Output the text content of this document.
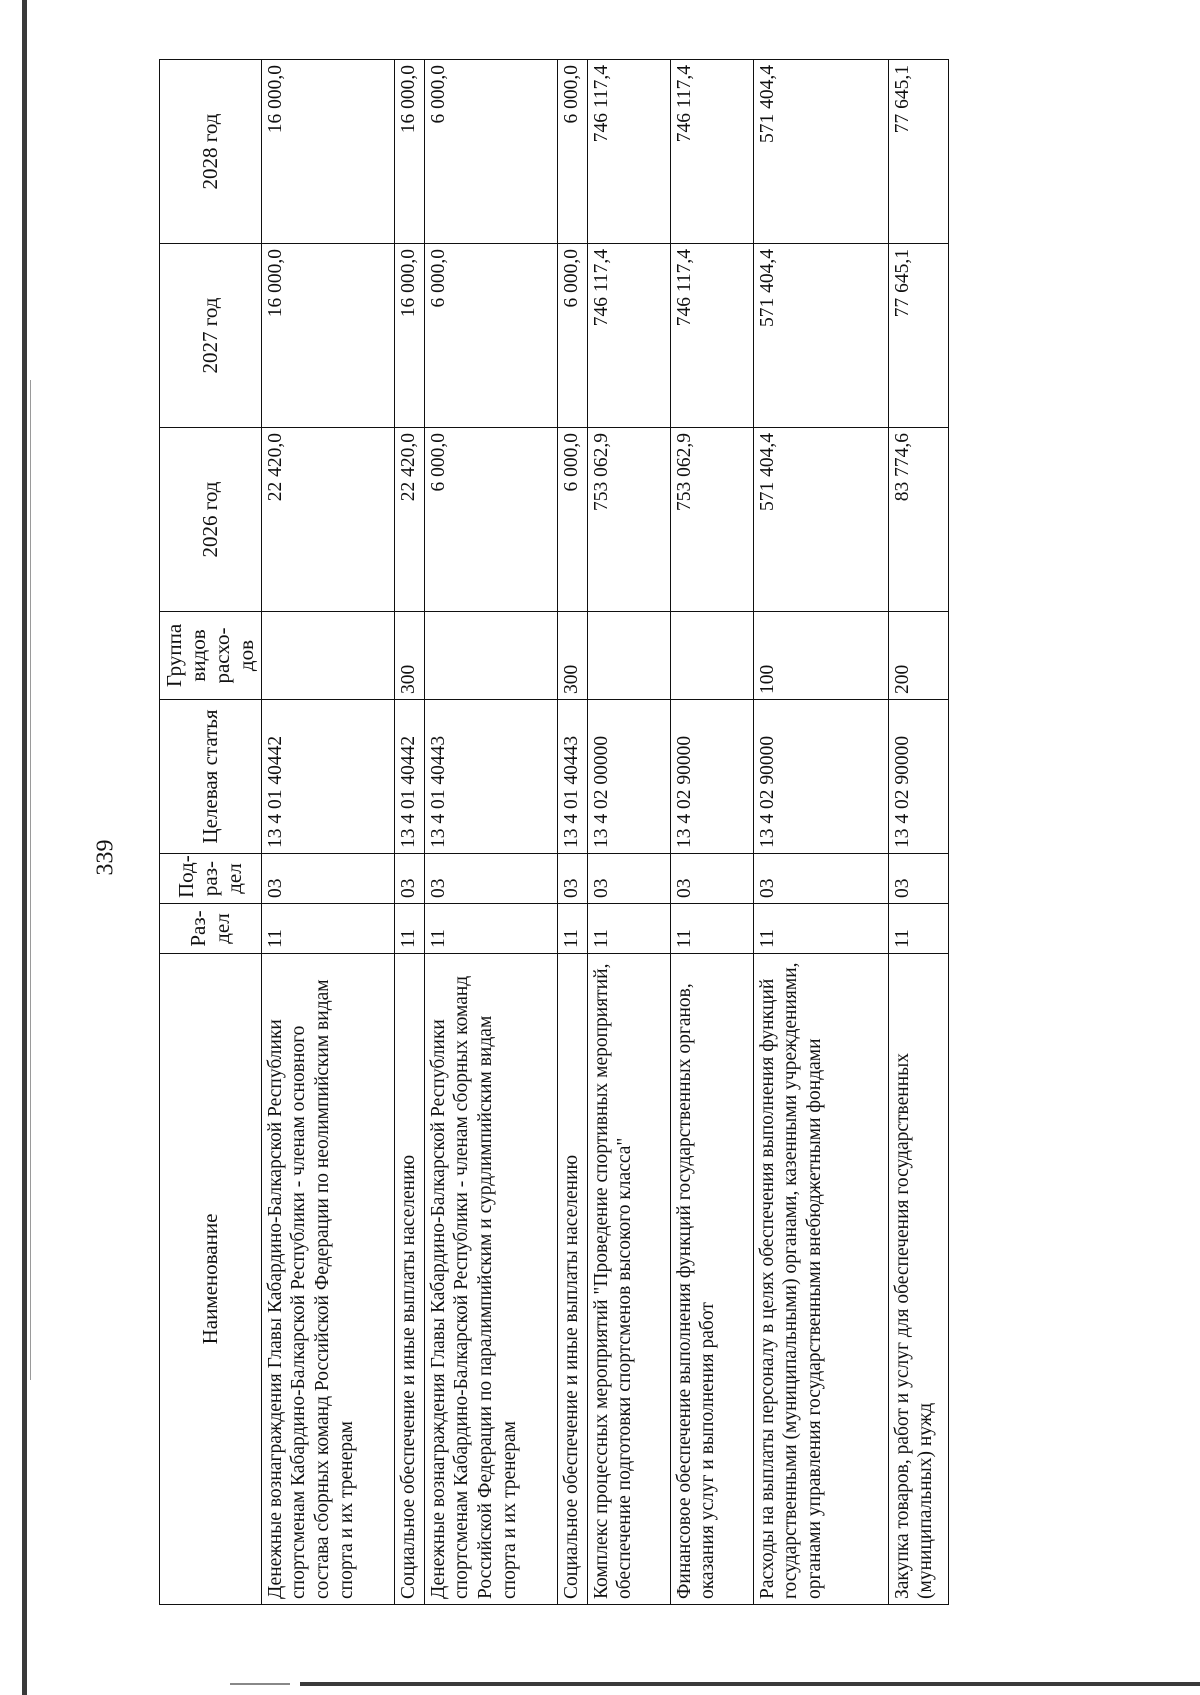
339
Наименование	Раз-дел	Под-раз-дел	Целевая статья	Группа видов расхо-дов	2026 год	2027 год	2028 год
Денежные вознаграждения Главы Кабардино-Балкарской Республики спортсменам Кабардино-Балкарской Республики - членам основного состава сборных команд Российской Федерации по неолимпийским видам спорта и их тренерам	11	03	13 4 01 40442		22 420,0	16 000,0	16 000,0
Социальное обеспечение и иные выплаты населению	11	03	13 4 01 40442	300	22 420,0	16 000,0	16 000,0
Денежные вознаграждения Главы Кабардино-Балкарской Республики спортсменам Кабардино-Балкарской Республики - членам сборных команд Российской Федерации по паралимпийским и сурдлимпийским видам спорта и их тренерам	11	03	13 4 01 40443		6 000,0	6 000,0	6 000,0
Социальное обеспечение и иные выплаты населению	11	03	13 4 01 40443	300	6 000,0	6 000,0	6 000,0
Комплекс процессных мероприятий "Проведение спортивных мероприятий, обеспечение подготовки спортсменов высокого класса"	11	03	13 4 02 00000		753 062,9	746 117,4	746 117,4
Финансовое обеспечение выполнения функций государственных органов, оказания услуг и выполнения работ	11	03	13 4 02 90000		753 062,9	746 117,4	746 117,4
Расходы на выплаты персоналу в целях обеспечения выполнения функций государственными (муниципальными) органами, казенными учреждениями, органами управления государственными внебюджетными фондами	11	03	13 4 02 90000	100	571 404,4	571 404,4	571 404,4
Закупка товаров, работ и услуг для обеспечения государственных (муниципальных) нужд	11	03	13 4 02 90000	200	83 774,6	77 645,1	77 645,1
